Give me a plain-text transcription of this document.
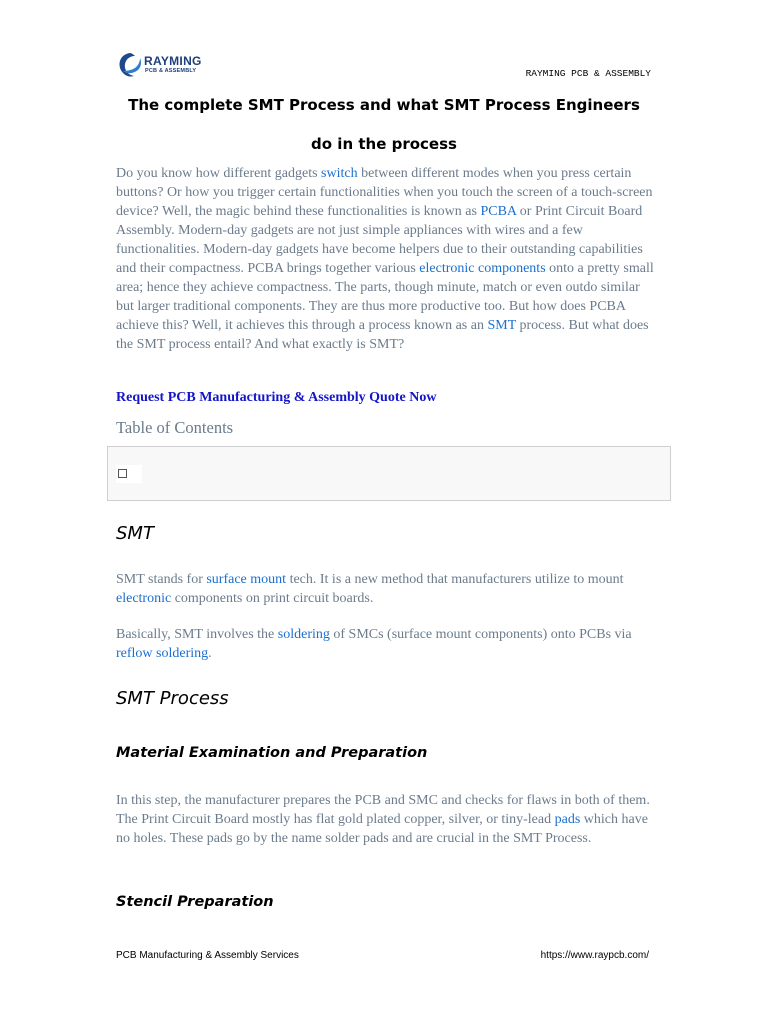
RAYMING
PCB & ASSEMBLY	RAYMING PCB & ASSEMBLY
The complete SMT Process and what SMT Process Engineers
do in the process

Do you know how different gadgets switch between different modes when you press certain buttons? Or how you trigger certain functionalities when you touch the screen of a touch-screen device? Well, the magic behind these functionalities is known as PCBA or Print Circuit Board Assembly. Modern-day gadgets are not just simple appliances with wires and a few functionalities. Modern-day gadgets have become helpers due to their outstanding capabilities and their compactness. PCBA brings together various electronic components onto a pretty small area; hence they achieve compactness. The parts, though minute, match or even outdo similar but larger traditional components. They are thus more productive too. But how does PCBA achieve this? Well, it achieves this through a process known as an SMT process. But what does the SMT process entail? And what exactly is SMT?

Request PCB Manufacturing & Assembly Quote Now
Table of Contents
SMT

SMT stands for surface mount tech. It is a new method that manufacturers utilize to mount electronic components on print circuit boards.

Basically, SMT involves the soldering of SMCs (surface mount components) onto PCBs via reflow soldering.

SMT Process
Material Examination and Preparation

In this step, the manufacturer prepares the PCB and SMC and checks for flaws in both of them. The Print Circuit Board mostly has flat gold plated copper, silver, or tiny-lead pads which have no holes. These pads go by the name solder pads and are crucial in the SMT Process.

Stencil Preparation
PCB Manufacturing & Assembly Services	https://www.raypcb.com/
